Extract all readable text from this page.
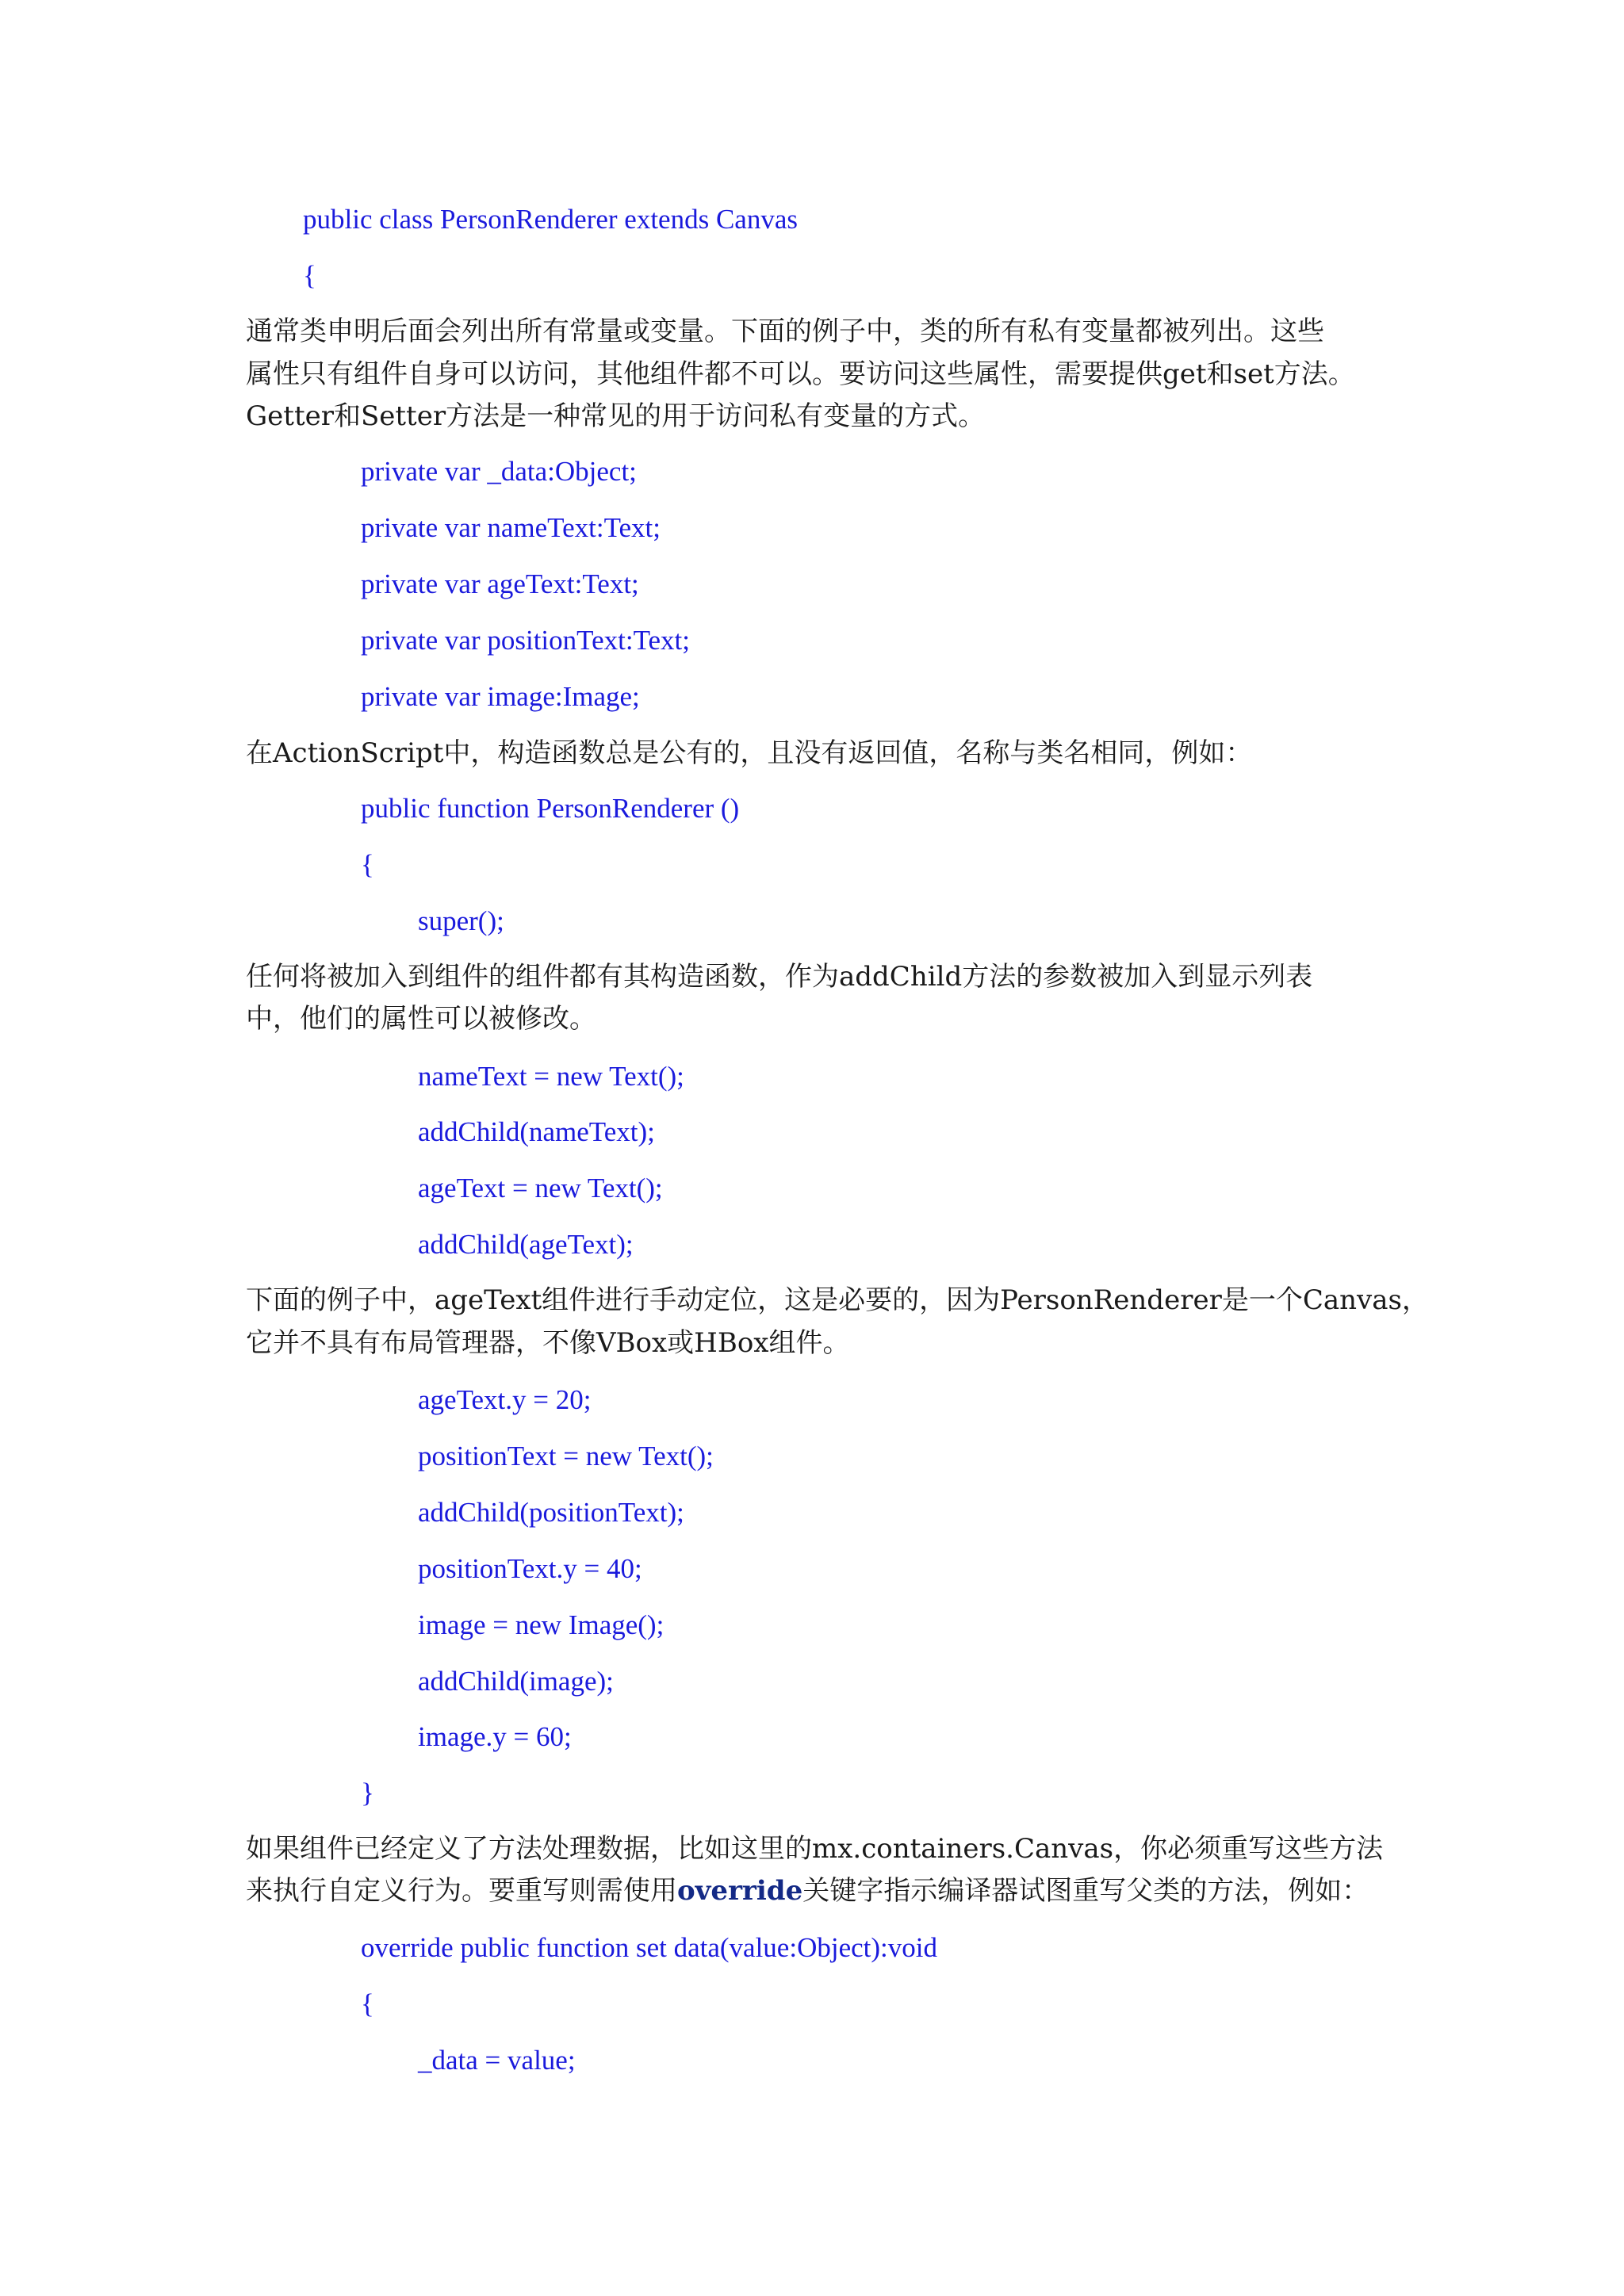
public class PersonRenderer extends Canvas
{
通常类申明后面会列出所有常量或变量。下面的例子中，类的所有私有变量都被列出。这些
属性只有组件自身可以访问，其他组件都不可以。要访问这些属性，需要提供get和set方法。
Getter和Setter方法是一种常见的用于访问私有变量的方式。
private var _data:Object;
private var nameText:Text;
private var ageText:Text;
private var positionText:Text;
private var image:Image;
在ActionScript中，构造函数总是公有的，且没有返回值，名称与类名相同，例如：
public function PersonRenderer ()
{
super();
任何将被加入到组件的组件都有其构造函数，作为addChild方法的参数被加入到显示列表
中，他们的属性可以被修改。
nameText = new Text();
addChild(nameText);
ageText = new Text();
addChild(ageText);
下面的例子中，ageText组件进行手动定位，这是必要的，因为PersonRenderer是一个Canvas，
它并不具有布局管理器，不像VBox或HBox组件。
ageText.y = 20;
positionText = new Text();
addChild(positionText);
positionText.y = 40;
image = new Image();
addChild(image);
image.y = 60;
}
如果组件已经定义了方法处理数据，比如这里的mx.containers.Canvas，你必须重写这些方法
来执行自定义行为。要重写则需使用override关键字指示编译器试图重写父类的方法，例如：
override public function set data(value:Object):void
{
_data = value;
